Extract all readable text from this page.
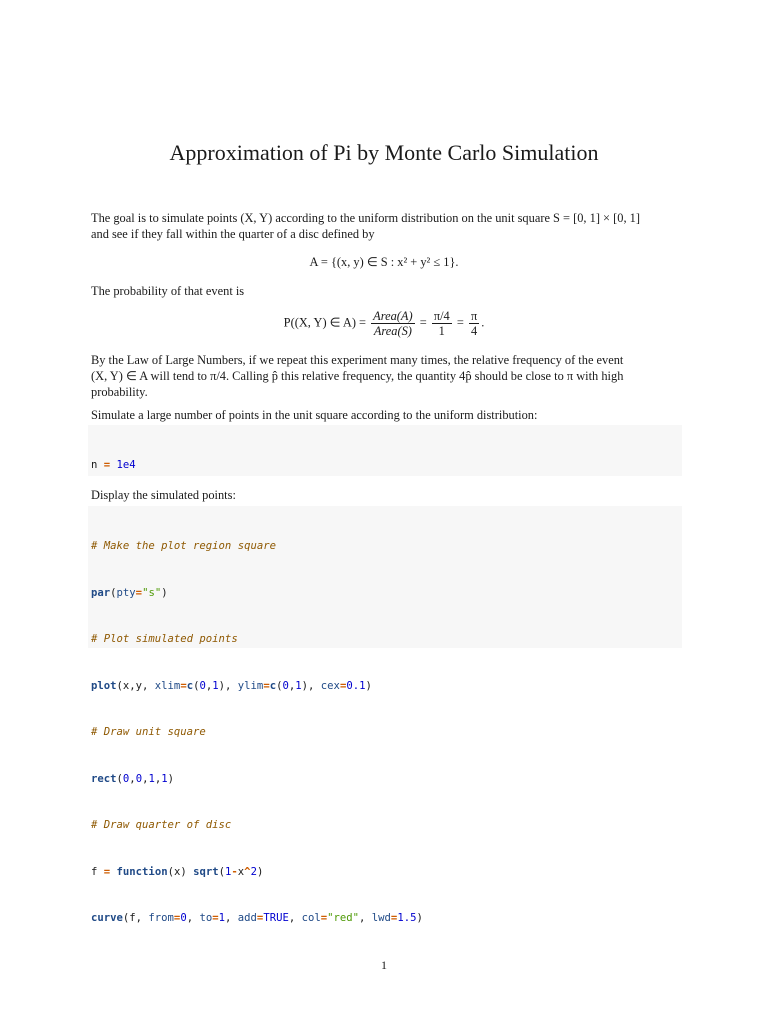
Approximation of Pi by Monte Carlo Simulation

The goal is to simulate points (X, Y) according to the uniform distribution on the unit square S = [0, 1] × [0, 1]

and see if they fall within the quarter of a disc defined by

A = {(x, y) ∈ S : x² + y² ≤ 1}.

The probability of that event is

P((X, Y) ∈ $A) = \frac{\text{Area(A)}}{\text{Area(S)}} = \frac{\pi/4}{1} = \frac{\pi}{4}$ .

By the Law of Large Numbers, if we repeat this experiment many times, the relative frequency of the event

(X, Y) ∈ A will tend to π/4. Calling p̂ this relative frequency, the quantity 4p̂ should be close to π with high

probability.

Simulate a large number of points in the unit square according to the uniform distribution:

n = 1e4

Display the simulated points:

# Make the plot region square

par(pty="s")

# Plot simulated points

plot(x,y, xlim=c(0,1), ylim=c(0,1), cex=0.1)

# Draw unit square

rect(0,0,1,1)

# Draw quarter of disc

f = function(x) sqrt(1-x^2)

curve(f, from=0, to=1, add=TRUE, col="red", lwd=1.5)

1
